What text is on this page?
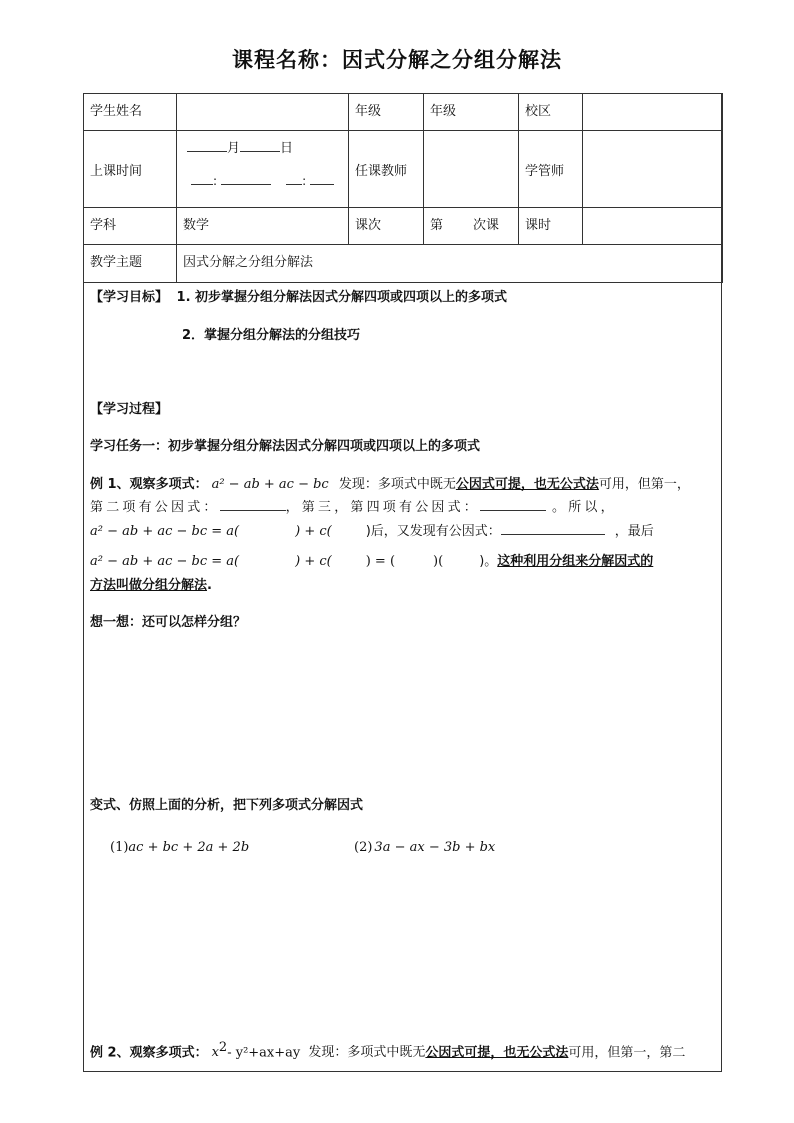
课程名称：因式分解之分组分解法
学生姓名		年级	年级	校区	
上课时间	月 日
: :	任课教师		学管师	
学科	数学	课次	第 次课	课时	
教学主题	因式分解之分组分解法				
【学习目标】 1. 初步掌握分组分解法因式分解四项或四项以上的多项式
2．掌握分组分解法的分组技巧
【学习过程】
学习任务一：初步掌握分组分解法因式分解四项或四项以上的多项式
例 1、观察多项式： a² − ab + ac − bc 发现：多项式中既无公因式可提，也无公式法可用，但第一，
第二项有公因式：	，第三，第四项有公因式：	。所以，
a² − ab + ac − bc = a(	) + c(	)后，又发现有公因式：	，最后
a² − ab + ac − bc = a(	) + c(	) = (	)(	)。这种利用分组来分解因式的
方法叫做分组分解法.
想一想：还可以怎样分组？
变式、仿照上面的分析，把下列多项式分解因式
(1)ac + bc + 2a + 2b	(2) 3a − ax − 3b + bx
例 2、观察多项式： $x^2-$ y²+ax+ay 发现：多项式中既无公因式可提，也无公式法可用，但第一，第二
